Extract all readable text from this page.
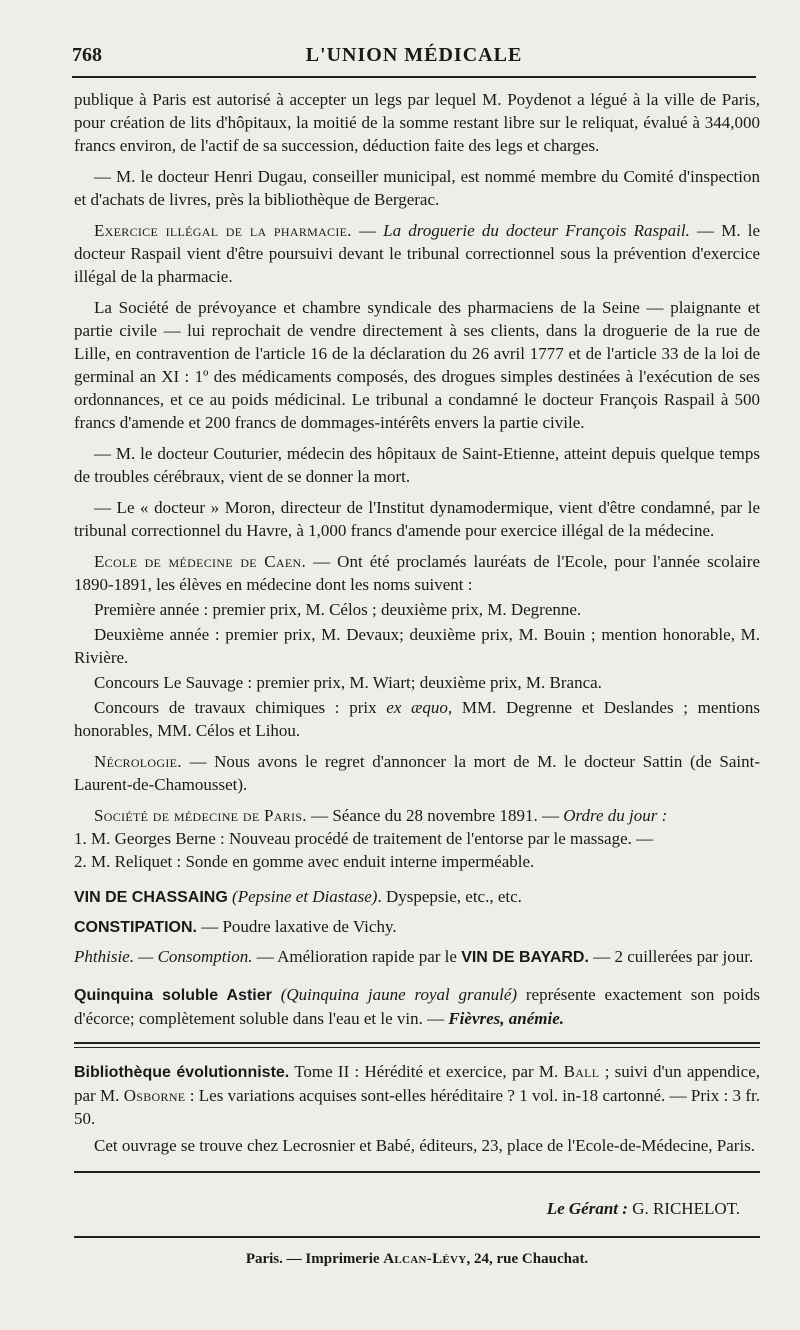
768	L'UNION MÉDICALE

publique à Paris est autorisé à accepter un legs par lequel M. Poydenot a légué à la ville de Paris, pour création de lits d'hôpitaux, la moitié de la somme restant libre sur le reliquat, évalué à 344,000 francs environ, de l'actif de sa succession, déduction faite des legs et charges.

— M. le docteur Henri Dugau, conseiller municipal, est nommé membre du Comité d'inspection et d'achats de livres, près la bibliothèque de Bergerac.

Exercice illégal de la pharmacie. — La droguerie du docteur François Raspail. — M. le docteur Raspail vient d'être poursuivi devant le tribunal correctionnel sous la prévention d'exercice illégal de la pharmacie.

La Société de prévoyance et chambre syndicale des pharmaciens de la Seine — plaignante et partie civile — lui reprochait de vendre directement à ses clients, dans la droguerie de la rue de Lille, en contravention de l'article 16 de la déclaration du 26 avril 1777 et de l'article 33 de la loi de germinal an XI : 1º des médicaments composés, des drogues simples destinées à l'exécution de ses ordonnances, et ce au poids médicinal. Le tribunal a condamné le docteur François Raspail à 500 francs d'amende et 200 francs de dommages-intérêts envers la partie civile.

— M. le docteur Couturier, médecin des hôpitaux de Saint-Etienne, atteint depuis quelque temps de troubles cérébraux, vient de se donner la mort.

— Le « docteur » Moron, directeur de l'Institut dynamodermique, vient d'être condamné, par le tribunal correctionnel du Havre, à 1,000 francs d'amende pour exercice illégal de la médecine.

Ecole de médecine de Caen. — Ont été proclamés lauréats de l'Ecole, pour l'année scolaire 1890-1891, les élèves en médecine dont les noms suivent :

Première année : premier prix, M. Célos ; deuxième prix, M. Degrenne.

Deuxième année : premier prix, M. Devaux; deuxième prix, M. Bouin ; mention honorable, M. Rivière.

Concours Le Sauvage : premier prix, M. Wiart; deuxième prix, M. Branca.

Concours de travaux chimiques : prix ex æquo, MM. Degrenne et Deslandes ; mentions honorables, MM. Célos et Lihou.

Nécrologie. — Nous avons le regret d'annoncer la mort de M. le docteur Sattin (de Saint-Laurent-de-Chamousset).

Société de médecine de Paris. — Séance du 28 novembre 1891. — Ordre du jour :
1. M. Georges Berne : Nouveau procédé de traitement de l'entorse par le massage. —
2. M. Reliquet : Sonde en gomme avec enduit interne imperméable.

VIN DE CHASSAING (Pepsine et Diastase). Dyspepsie, etc., etc.

CONSTIPATION. — Poudre laxative de Vichy.

Phthisie. — Consomption. — Amélioration rapide par le VIN DE BAYARD. — 2 cuillerées par jour.

Quinquina soluble Astier (Quinquina jaune royal granulé) représente exactement son poids d'écorce; complètement soluble dans l'eau et le vin. — Fièvres, anémie.

Bibliothèque évolutionniste. Tome II : Hérédité et exercice, par M. Ball ; suivi d'un appendice, par M. Osborne : Les variations acquises sont-elles héréditaire ? 1 vol. in-18 cartonné. — Prix : 3 fr. 50.

Cet ouvrage se trouve chez Lecrosnier et Babé, éditeurs, 23, place de l'Ecole-de-Médecine, Paris.

Le Gérant : G. RICHELOT.
Paris. — Imprimerie Alcan-Lévy, 24, rue Chauchat.
